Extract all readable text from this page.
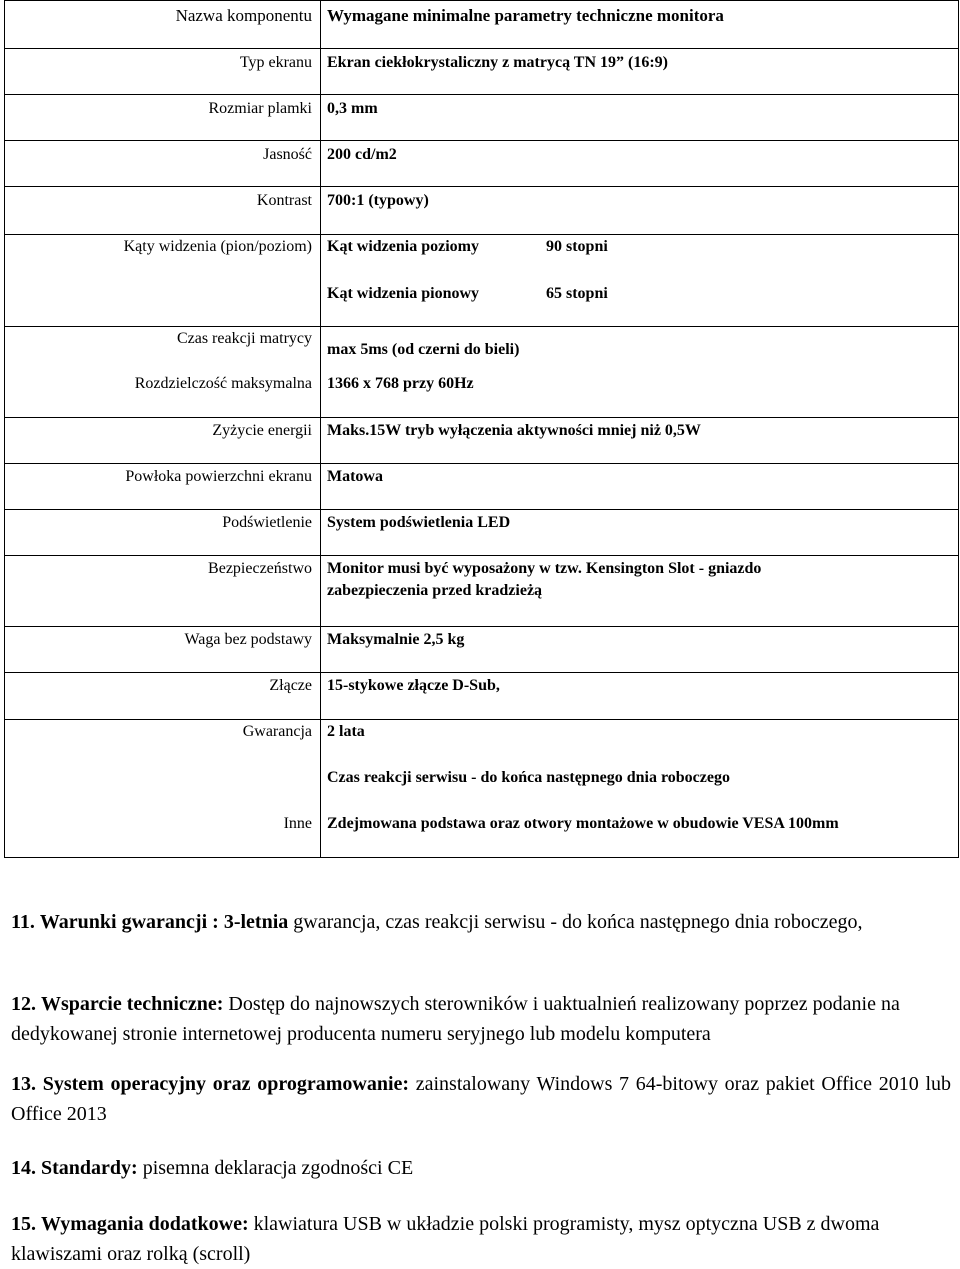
Nazwa komponentu Wymagane minimalne parametry techniczne monitora
Typ ekranu Ekran ciekłokrystaliczny z matrycą TN 19” (16:9)
Rozmiar plamki 0,3 mm
Jasność 200 cd/m2
Kontrast 700:1 (typowy)
Kąty widzenia (pion/poziom) Kąt widzenia poziomy	90 stopni
Kąt widzenia pionowy	65 stopni
Czas reakcji matrycy
max 5ms (od czerni do bieli)
Rozdzielczość maksymalna 1366 x 768 przy 60Hz
Zyżycie energii Maks.15W tryb wyłączenia aktywności mniej niż 0,5W
Powłoka powierzchni ekranu Matowa
Podświetlenie System podświetlenia LED
Bezpieczeństwo Monitor musi być wyposażony w tzw. Kensington Slot - gniazdo zabezpieczenia przed kradzieżą
Waga bez podstawy Maksymalnie 2,5 kg
Złącze 15-stykowe złącze D-Sub,
Gwarancja 2 lata
Czas reakcji serwisu - do końca następnego dnia roboczego
Inne Zdejmowana podstawa oraz otwory montażowe w obudowie VESA 100mm
11. Warunki gwarancji : 3-letnia gwarancja, czas reakcji serwisu - do końca następnego dnia roboczego,
12. Wsparcie techniczne: Dostęp do najnowszych sterowników i uaktualnień realizowany poprzez podanie na dedykowanej stronie internetowej producenta numeru seryjnego lub modelu komputera
13. System operacyjny oraz oprogramowanie: zainstalowany Windows 7 64-bitowy oraz pakiet Office 2010 lub Office 2013
14. Standardy: pisemna deklaracja zgodności CE
15. Wymagania dodatkowe: klawiatura USB w układzie polski programisty, mysz optyczna USB z dwoma klawiszami oraz rolką (scroll)
